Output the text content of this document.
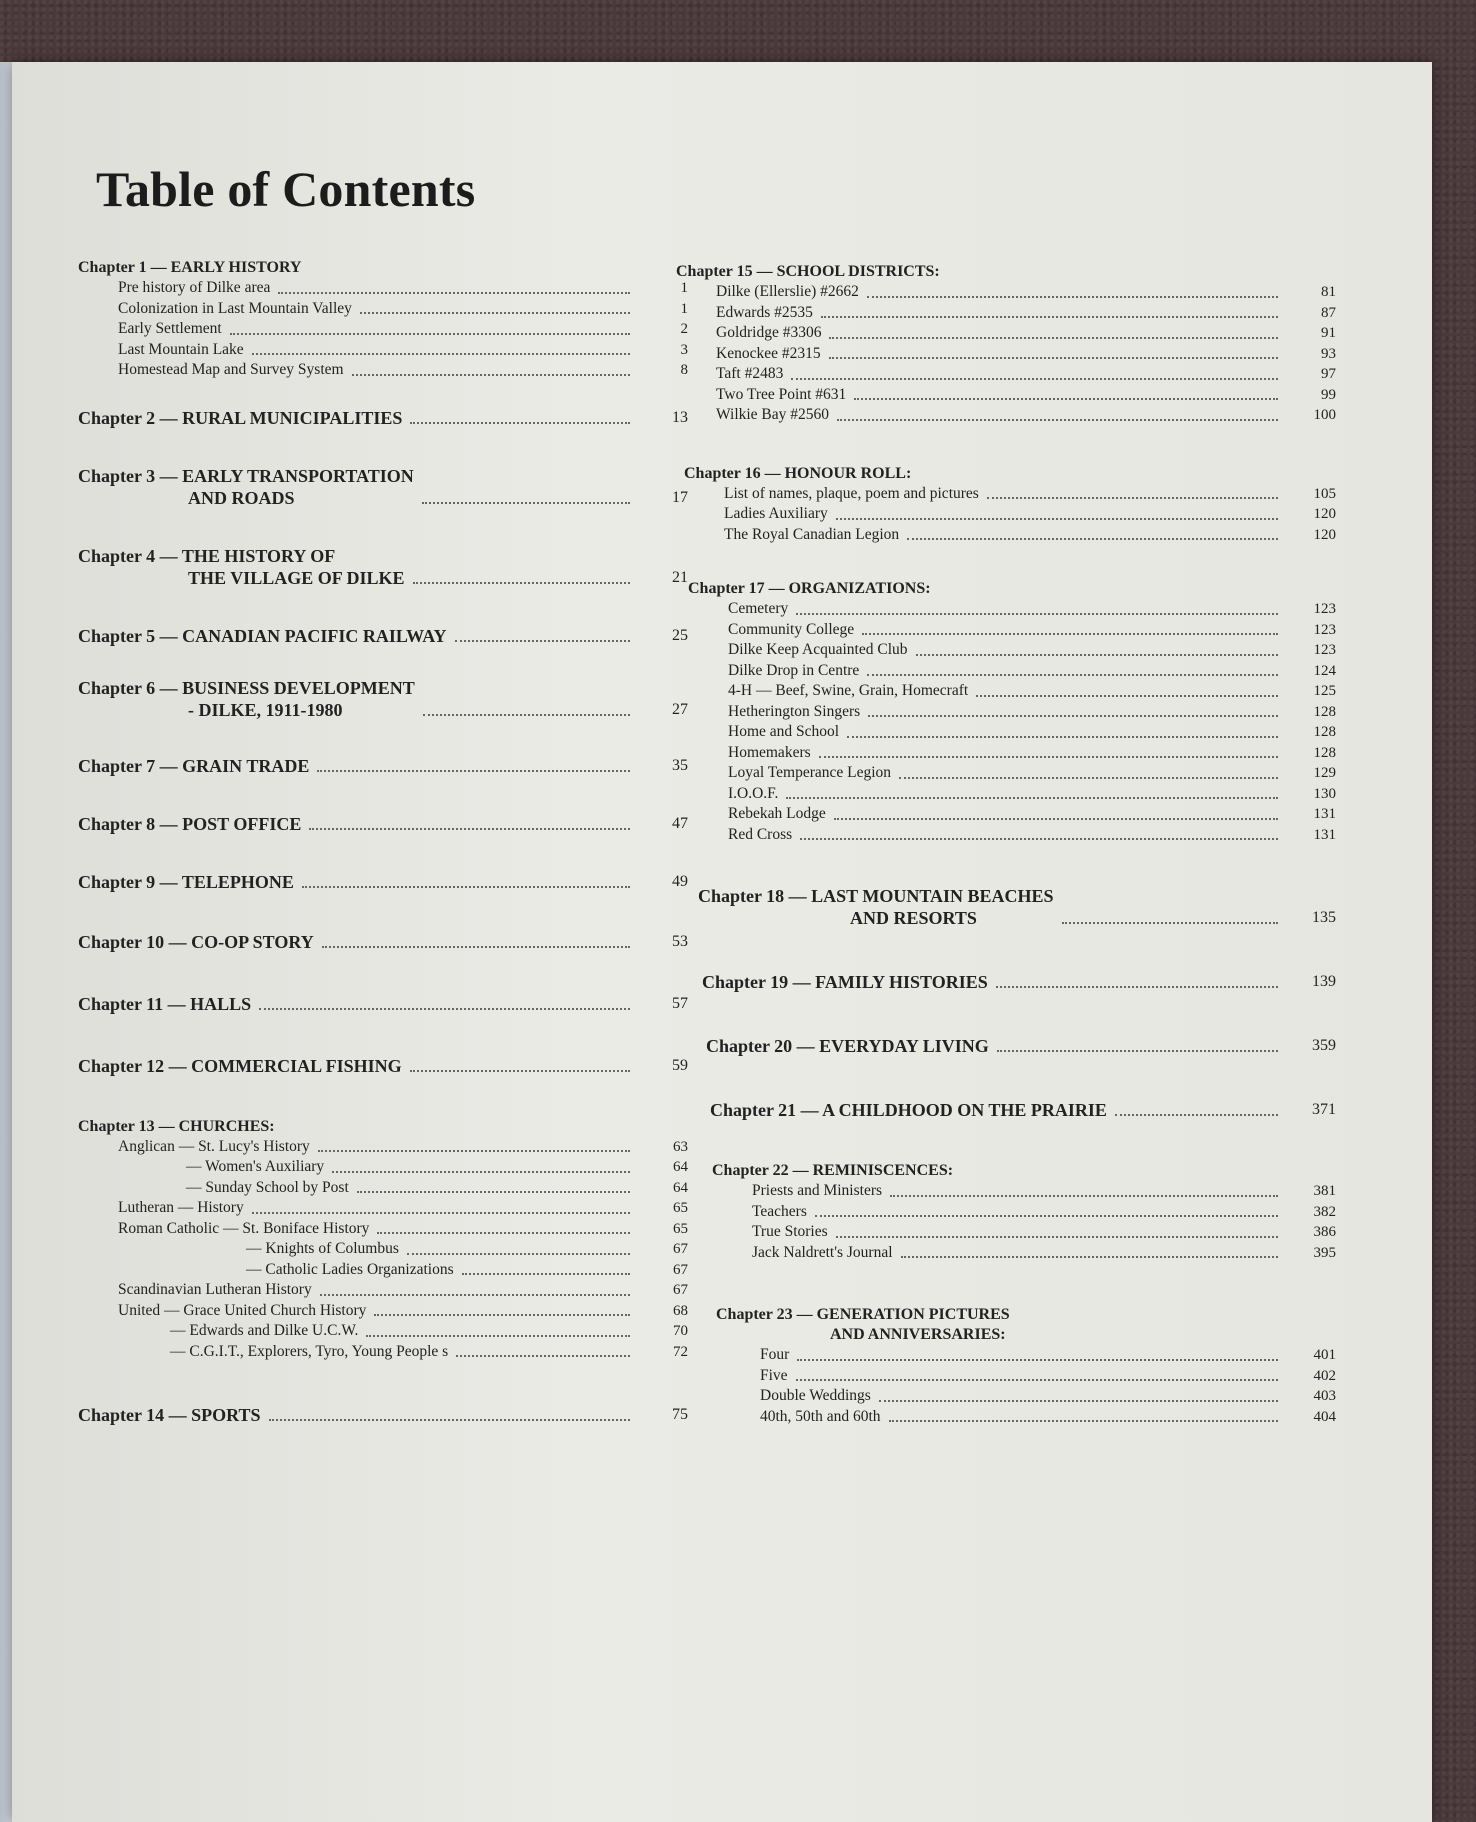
Table of Contents
Chapter 1 — EARLY HISTORY
Pre history of Dilke area	1
Colonization in Last Mountain Valley	1
Early Settlement	2
Last Mountain Lake	3
Homestead Map and Survey System	8
Chapter 2 — RURAL MUNICIPALITIES	13
Chapter 3 — EARLY TRANSPORTATION
AND ROADS	17
Chapter 4 — THE HISTORY OF
THE VILLAGE OF DILKE	21
Chapter 5 — CANADIAN PACIFIC RAILWAY	25
Chapter 6 — BUSINESS DEVELOPMENT
- DILKE, 1911-1980	27
Chapter 7 — GRAIN TRADE	35
Chapter 8 — POST OFFICE	47
Chapter 9 — TELEPHONE	49
Chapter 10 — CO-OP STORY	53
Chapter 11 — HALLS	57
Chapter 12 — COMMERCIAL FISHING	59
Chapter 13 — CHURCHES:
Anglican — St. Lucy's History	63
— Women's Auxiliary	64
— Sunday School by Post	64
Lutheran — History	65
Roman Catholic — St. Boniface History	65
— Knights of Columbus	67
— Catholic Ladies Organizations	67
Scandinavian Lutheran History	67
United — Grace United Church History	68
— Edwards and Dilke U.C.W.	70
— C.G.I.T., Explorers, Tyro, Young People s	72
Chapter 14 — SPORTS	75
Chapter 15 — SCHOOL DISTRICTS:
Dilke (Ellerslie) #2662	81
Edwards #2535	87
Goldridge #3306	91
Kenockee #2315	93
Taft #2483	97
Two Tree Point #631	99
Wilkie Bay #2560	100
Chapter 16 — HONOUR ROLL:
List of names, plaque, poem and pictures	105
Ladies Auxiliary	120
The Royal Canadian Legion	120
Chapter 17 — ORGANIZATIONS:
Cemetery	123
Community College	123
Dilke Keep Acquainted Club	123
Dilke Drop in Centre	124
4-H — Beef, Swine, Grain, Homecraft	125
Hetherington Singers	128
Home and School	128
Homemakers	128
Loyal Temperance Legion	129
I.O.O.F.	130
Rebekah Lodge	131
Red Cross	131
Chapter 18 — LAST MOUNTAIN BEACHES
AND RESORTS	135
Chapter 19 — FAMILY HISTORIES	139
Chapter 20 — EVERYDAY LIVING	359
Chapter 21 — A CHILDHOOD ON THE PRAIRIE	371
Chapter 22 — REMINISCENCES:
Priests and Ministers	381
Teachers	382
True Stories	386
Jack Naldrett's Journal	395
Chapter 23 — GENERATION PICTURES
AND ANNIVERSARIES:
Four	401
Five	402
Double Weddings	403
40th, 50th and 60th	404
